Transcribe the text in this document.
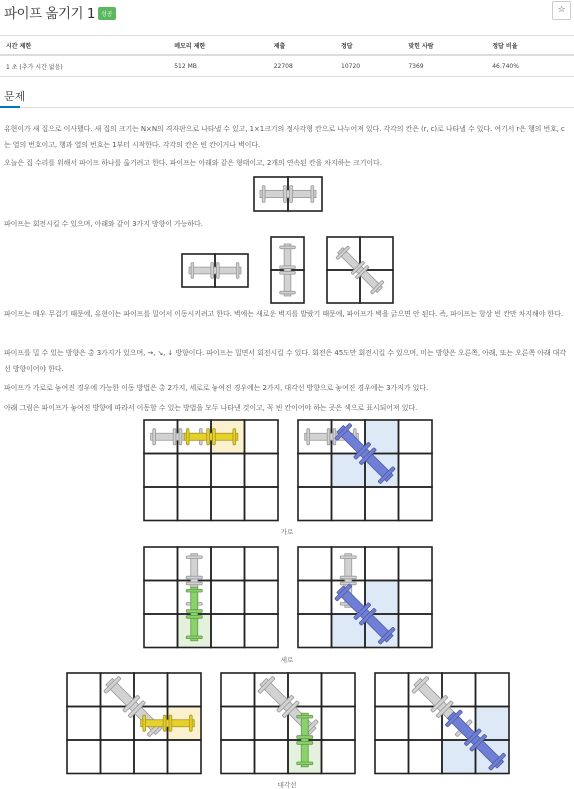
파이프 옮기기 1	성공	☆
시간 제한	메모리 제한	제출	정답	맞힌 사람	정답 비율
1 초 (추가 시간 없음)	512 MB	22708	10720	7369	46.740%
문제
유현이가 새 집으로 이사했다. 새 집의 크기는 N×N의 격자판으로 나타낼 수 있고, 1×1크기의 정사각형 칸으로 나누어져 있다. 각각의 칸은 (r, c)로 나타낼 수 있다. 여기서 r은 행의 번호, c는 열의 번호이고, 행과 열의 번호는 1부터 시작한다. 각각의 칸은 빈 칸이거나 벽이다.
오늘은 집 수리를 위해서 파이프 하나를 옮기려고 한다. 파이프는 아래와 같은 형태이고, 2개의 연속된 칸을 차지하는 크기이다.
파이프는 회전시킬 수 있으며, 아래와 같이 3가지 방향이 가능하다.
파이프는 매우 무겁기 때문에, 유현이는 파이프를 밀어서 이동시키려고 한다. 벽에는 새로운 벽지를 발랐기 때문에, 파이프가 벽을 긁으면 안 된다. 즉, 파이프는 항상 빈 칸만 차지해야 한다.
파이프를 밀 수 있는 방향은 총 3가지가 있으며, →, ↘, ↓ 방향이다. 파이프는 밀면서 회전시킬 수 있다. 회전은 45도만 회전시킬 수 있으며, 미는 방향은 오른쪽, 아래, 또는 오른쪽 아래 대각선 방향이어야 한다.
파이프가 가로로 놓여진 경우에 가능한 이동 방법은 총 2가지, 세로로 놓여진 경우에는 2가지, 대각선 방향으로 놓여진 경우에는 3가지가 있다.
아래 그림은 파이프가 놓여진 방향에 따라서 이동할 수 있는 방법을 모두 나타낸 것이고, 꼭 빈 칸이어야 하는 곳은 색으로 표시되어져 있다.
가로
세로
대각선
